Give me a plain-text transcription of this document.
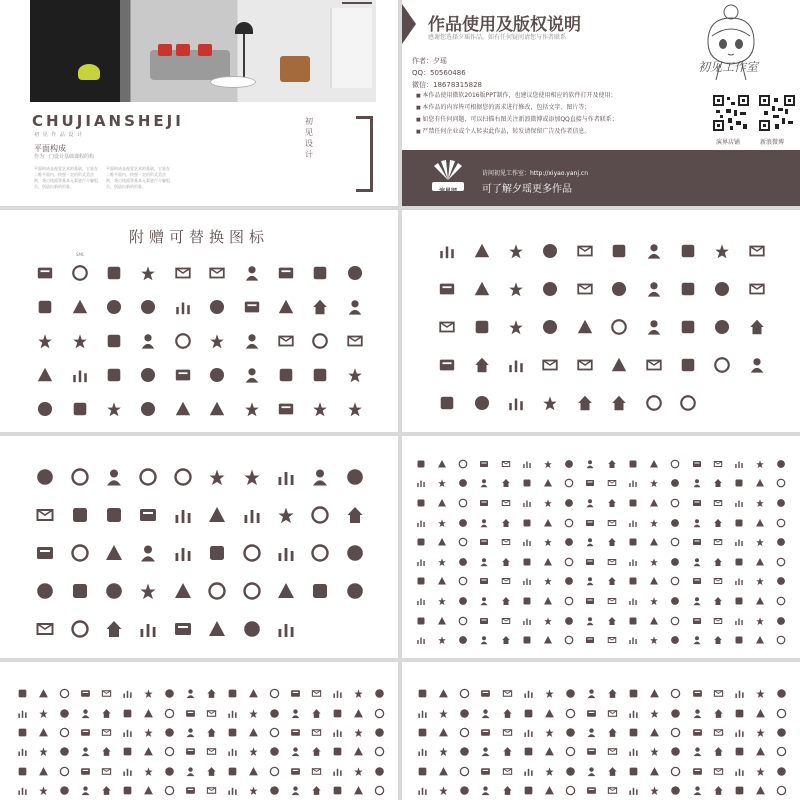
CHUJIANSHEJI
初 见 作 品 设 计
平面构成
作为一门设计基础课程的构
平面构成是视觉艺术的基础，它是在二维平面内，按照一定的形式美法则，将点线面等基本元素进行分解组合，创造出新的形象。
平面构成是视觉艺术的基础，它是在二维平面内，按照一定的形式美法则，将点线面等基本元素进行分解组合，创造出新的形象。
初见设计
作品使用及版权说明
感谢您选择夕瑶作品，如有任何疑问请您与作者联系
作者：夕瑶
QQ：50560486
微信：18678315828
■ 本作品使用微软2016版PPT制作，也建议您使用相应的软件打开及使用；
■ 本作品的内容皆可根据您的需求进行修改，包括文字、图片等；
■ 如您有任何问题，可以扫描右图关注新浪微博或添加QQ直接与作者联系；
■ 严禁任何企业或个人转卖此作品，转发请保留广告及作者信息。
初见工作室
演界店铺	新浪微博
演界网
访问初见工作室：http://xiyao.yanj.cn
可了解夕瑶更多作品
附赠可替换图标
SML
